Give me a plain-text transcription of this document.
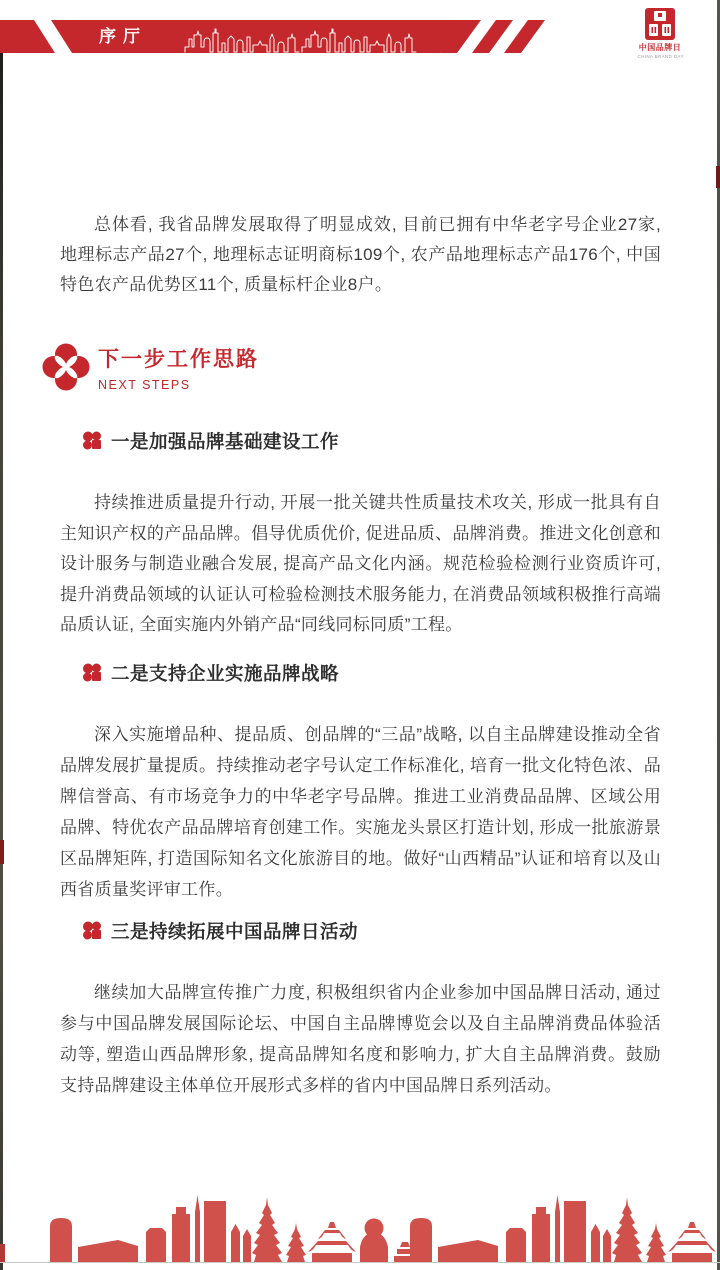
序厅
中国品牌日
CHINA BRAND DAY

总体看, 我省品牌发展取得了明显成效, 目前已拥有中华老字号企业27家, 地理标志产品27个, 地理标志证明商标109个, 农产品地理标志产品176个, 中国特色农产品优势区11个, 质量标杆企业8户。

下一步工作思路
NEXT STEPS
一是加强品牌基础建设工作

持续推进质量提升行动, 开展一批关键共性质量技术攻关, 形成一批具有自主知识产权的产品品牌。倡导优质优价, 促进品质、品牌消费。推进文化创意和设计服务与制造业融合发展, 提高产品文化内涵。规范检验检测行业资质许可, 提升消费品领域的认证认可检验检测技术服务能力, 在消费品领域积极推行高端品质认证, 全面实施内外销产品“同线同标同质”工程。

二是支持企业实施品牌战略

深入实施增品种、提品质、创品牌的“三品”战略, 以自主品牌建设推动全省品牌发展扩量提质。持续推动老字号认定工作标准化, 培育一批文化特色浓、品牌信誉高、有市场竞争力的中华老字号品牌。推进工业消费品品牌、区域公用品牌、特优农产品品牌培育创建工作。实施龙头景区打造计划, 形成一批旅游景区品牌矩阵, 打造国际知名文化旅游目的地。做好“山西精品”认证和培育以及山西省质量奖评审工作。

三是持续拓展中国品牌日活动

继续加大品牌宣传推广力度, 积极组织省内企业参加中国品牌日活动, 通过参与中国品牌发展国际论坛、中国自主品牌博览会以及自主品牌消费品体验活动等, 塑造山西品牌形象, 提高品牌知名度和影响力, 扩大自主品牌消费。鼓励支持品牌建设主体单位开展形式多样的省内中国品牌日系列活动。
